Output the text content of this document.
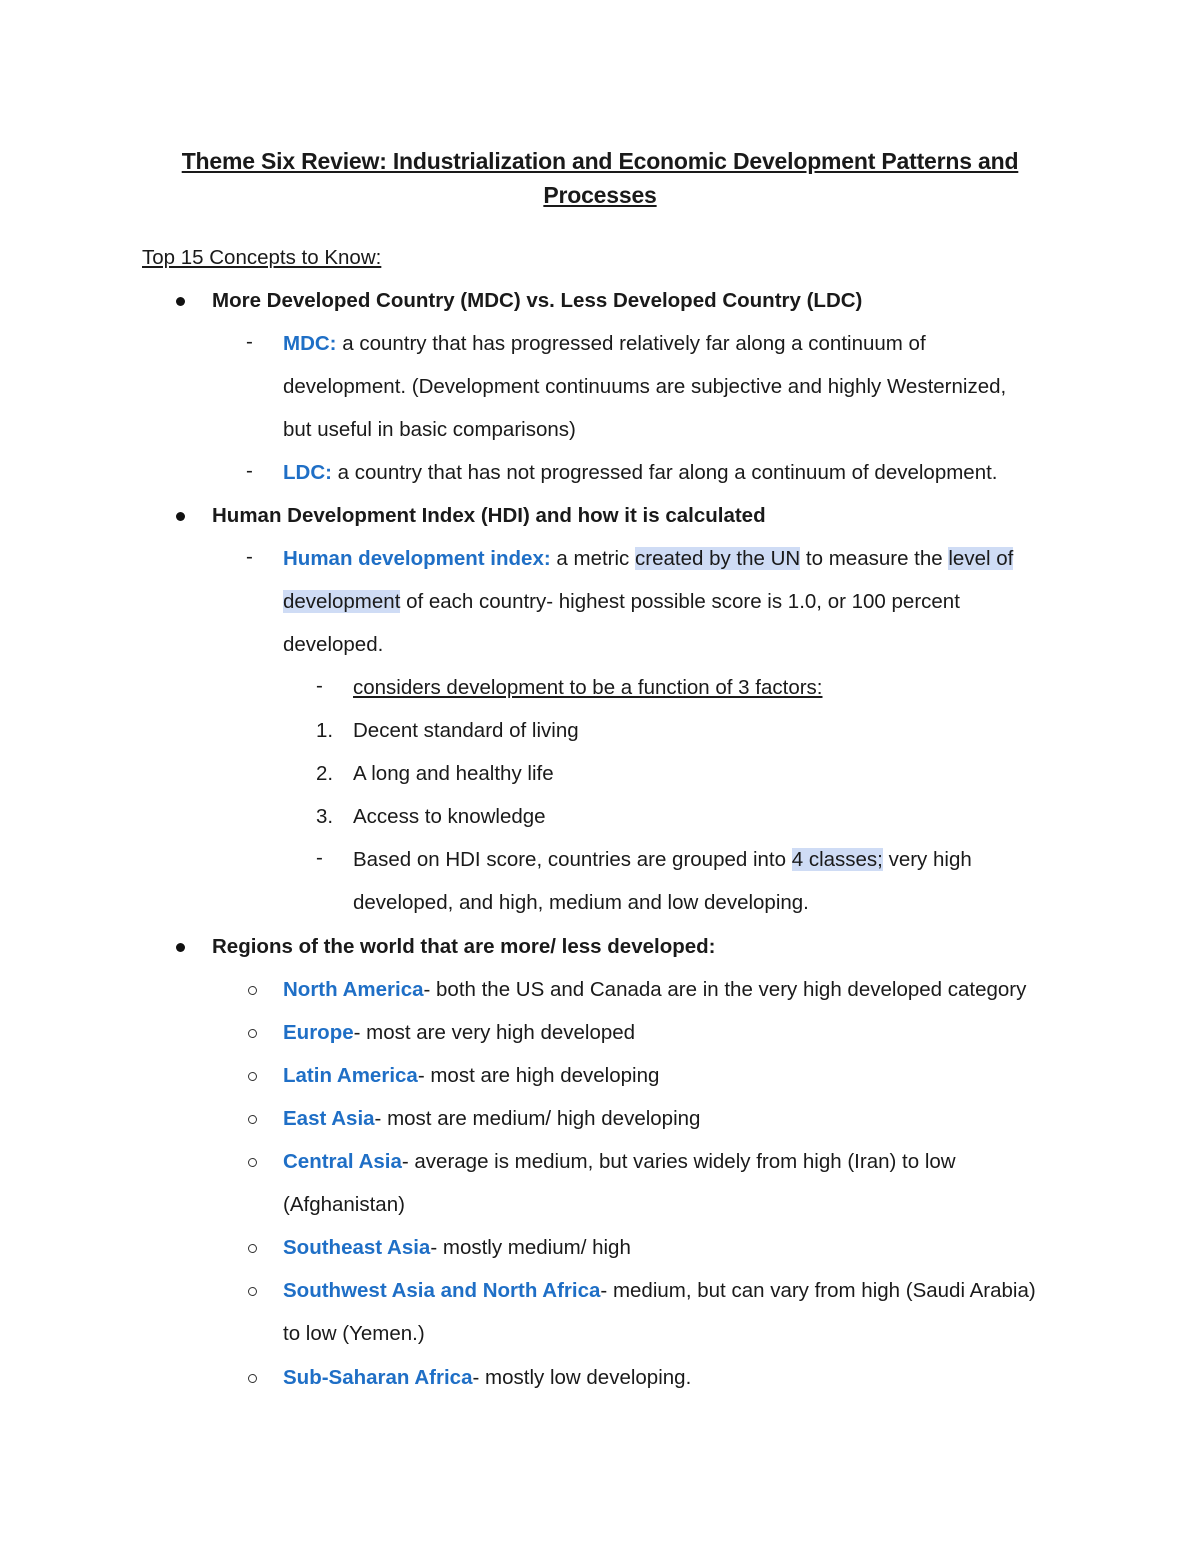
Theme Six Review: Industrialization and Economic Development Patterns and Processes
Top 15 Concepts to Know:
More Developed Country (MDC) vs. Less Developed Country (LDC)
- MDC: a country that has progressed relatively far along a continuum of
development. (Development continuums are subjective and highly Westernized,
but useful in basic comparisons)
- LDC: a country that has not progressed far along a continuum of development.
Human Development Index (HDI) and how it is calculated
- Human development index: a metric created by the UN to measure the level of
development of each country- highest possible score is 1.0, or 100 percent
developed.
- considers development to be a function of 3 factors:
1. Decent standard of living
2. A long and healthy life
3. Access to knowledge
- Based on HDI score, countries are grouped into 4 classes; very high
developed, and high, medium and low developing.
Regions of the world that are more/ less developed:
North America- both the US and Canada are in the very high developed category
Europe- most are very high developed
Latin America- most are high developing
East Asia- most are medium/ high developing
Central Asia- average is medium, but varies widely from high (Iran) to low
(Afghanistan)
Southeast Asia- mostly medium/ high
Southwest Asia and North Africa- medium, but can vary from high (Saudi Arabia)
to low (Yemen.)
Sub-Saharan Africa- mostly low developing.
